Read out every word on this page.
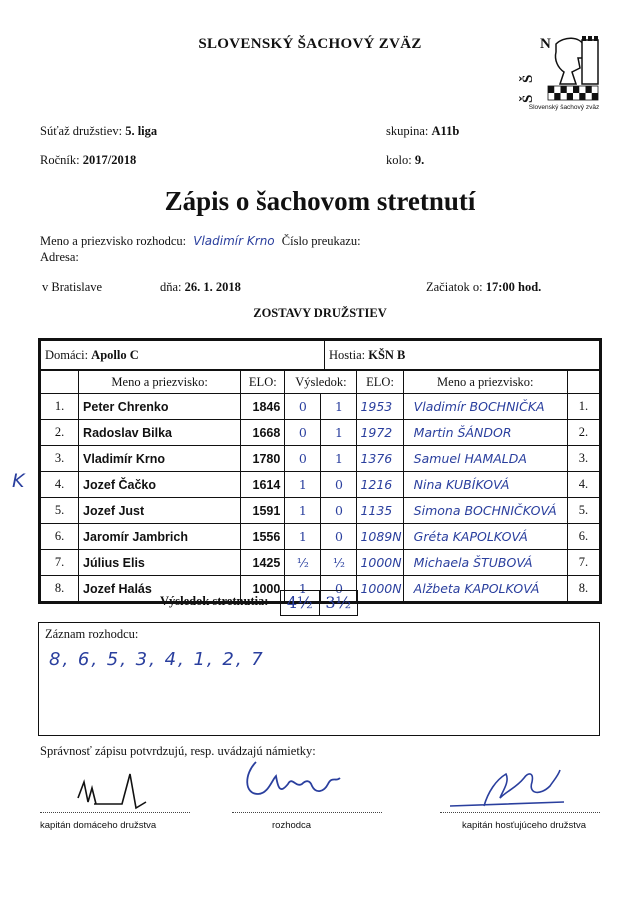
SLOVENSKÝ ŠACHOVÝ ZVÄZ	N
Š
Š
Slovenský šachový zväz
Súťaž družstiev: 5. liga	skupina: A11b
Ročník: 2017/2018	kolo: 9.
Zápis o šachovom stretnutí
Meno a priezvisko rozhodcu: Vladimír Krno Číslo preukazu:
Adresa:
v Bratislave	dňa: 26. 1. 2018	Začiatok o: 17:00 hod.
ZOSTAVY DRUŽSTIEV
Domáci: Apollo C	Hostia: KŠN B
	Meno a priezvisko:	ELO:	Výsledok:		ELO:	Meno a priezvisko:	
1.	Peter Chrenko	1846	0	1	1953	Vladimír BOCHNIČKA	1.
2.	Radoslav Bilka	1668	0	1	1972	Martin ŠÁNDOR	2.
3.	Vladimír Krno	1780	0	1	1376	Samuel HAMALDA	3.
4.	Jozef Čačko	1614	1	0	1216	Nina KUBÍKOVÁ	4.
5.	Jozef Just	1591	1	0	1135	Simona BOCHNIČKOVÁ	5.
6.	Jaromír Jambrich	1556	1	0	1089N	Gréta KAPOLKOVÁ	6.
7.	Július Elis	1425	½	½	1000N	Michaela ŠTUBOVÁ	7.
8.	Jozef Halás	1000	1	0	1000N	Alžbeta KAPOLKOVÁ	8.
Výsledok stretnutia:	4½ 3½
Záznam rozhodcu:
8, 6, 5, 3, 4, 1, 2, 7
Správnosť zápisu potvrdzujú, resp. uvádzajú námietky:
kapitán domáceho družstva	rozhodca	kapitán hosťujúceho družstva
K
